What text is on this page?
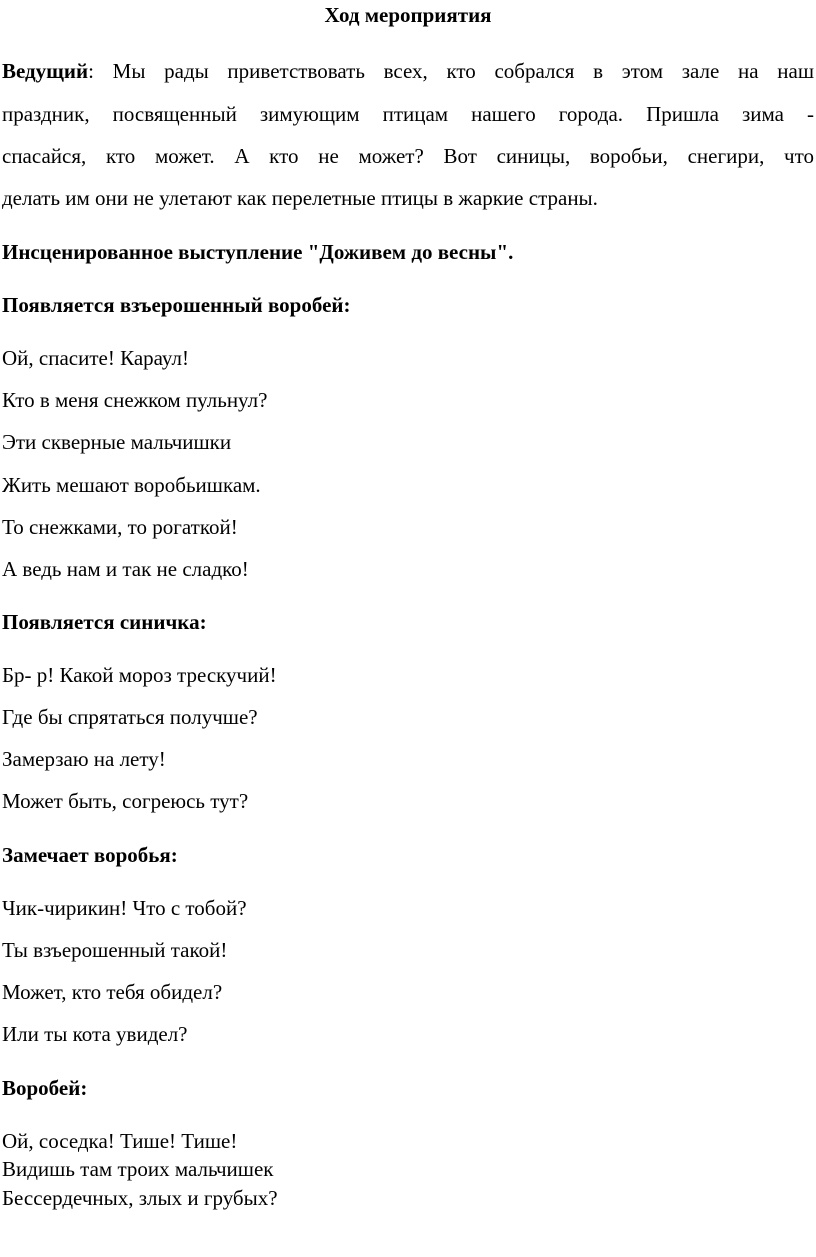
Ход мероприятия
Ведущий: Мы рады приветствовать всех, кто собрался в этом зале на наш
праздник, посвященный зимующим птицам нашего города. Пришла зима -
спасайся, кто может. А кто не может? Вот синицы, воробьи, снегири, что
делать им они не улетают как перелетные птицы в жаркие страны.
Инсценированное выступление "Доживем до весны".
Появляется взъерошенный воробей:
Ой, спасите! Караул!
Кто в меня снежком пульнул?
Эти скверные мальчишки
Жить мешают воробьишкам.
То снежками, то рогаткой!
А ведь нам и так не сладко!
Появляется синичка:
Бр- р! Какой мороз трескучий!
Где бы спрятаться получше?
Замерзаю на лету!
Может быть, согреюсь тут?
Замечает воробья:
Чик-чирикин! Что с тобой?
Ты взъерошенный такой!
Может, кто тебя обидел?
Или ты кота увидел?
Воробей:
Ой, соседка! Тише! Тише!
Видишь там троих мальчишек
Бессердечных, злых и грубых?
